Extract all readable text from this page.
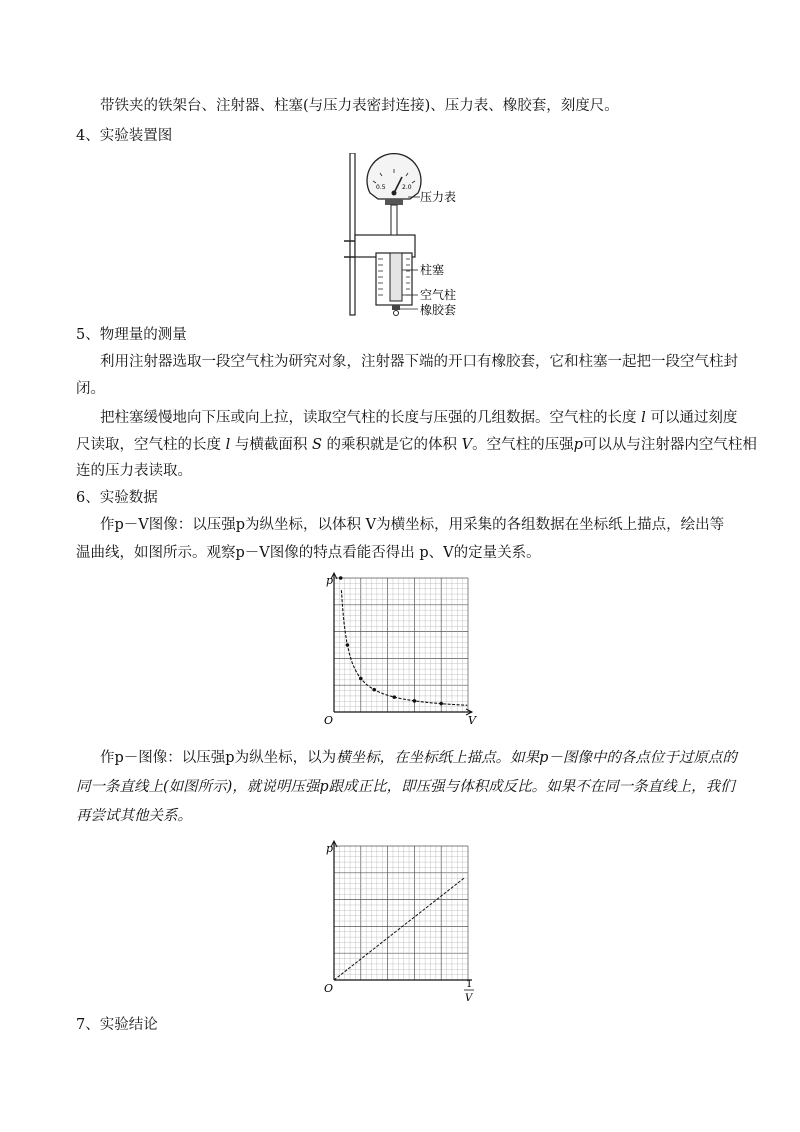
带铁夹的铁架台、注射器、柱塞(与压力表密封连接)、压力表、橡胶套，刻度尺。
4、实验装置图
0.5	2.0
压力表
柱塞
空气柱
橡胶套
5、物理量的测量
利用注射器选取一段空气柱为研究对象，注射器下端的开口有橡胶套，它和柱塞一起把一段空气柱封
闭。
把柱塞缓慢地向下压或向上拉，读取空气柱的长度与压强的几组数据。空气柱的长度 l 可以通过刻度
尺读取，空气柱的长度 l 与横截面积 S 的乘积就是它的体积 V。空气柱的压强p可以从与注射器内空气柱相
连的压力表读取。
6、实验数据
作p－V图像：以压强p为纵坐标，以体积 V为横坐标，用采集的各组数据在坐标纸上描点，绘出等
温曲线，如图所示。观察p－V图像的特点看能否得出 p、V的定量关系。
p
V
O
作p－图像：以压强p为纵坐标，以为横坐标，在坐标纸上描点。如果p－图像中的各点位于过原点的
同一条直线上(如图所示)，就说明压强p跟成正比，即压强与体积成反比。如果不在同一条直线上，我们
再尝试其他关系。
p
1
V
O
7、实验结论
